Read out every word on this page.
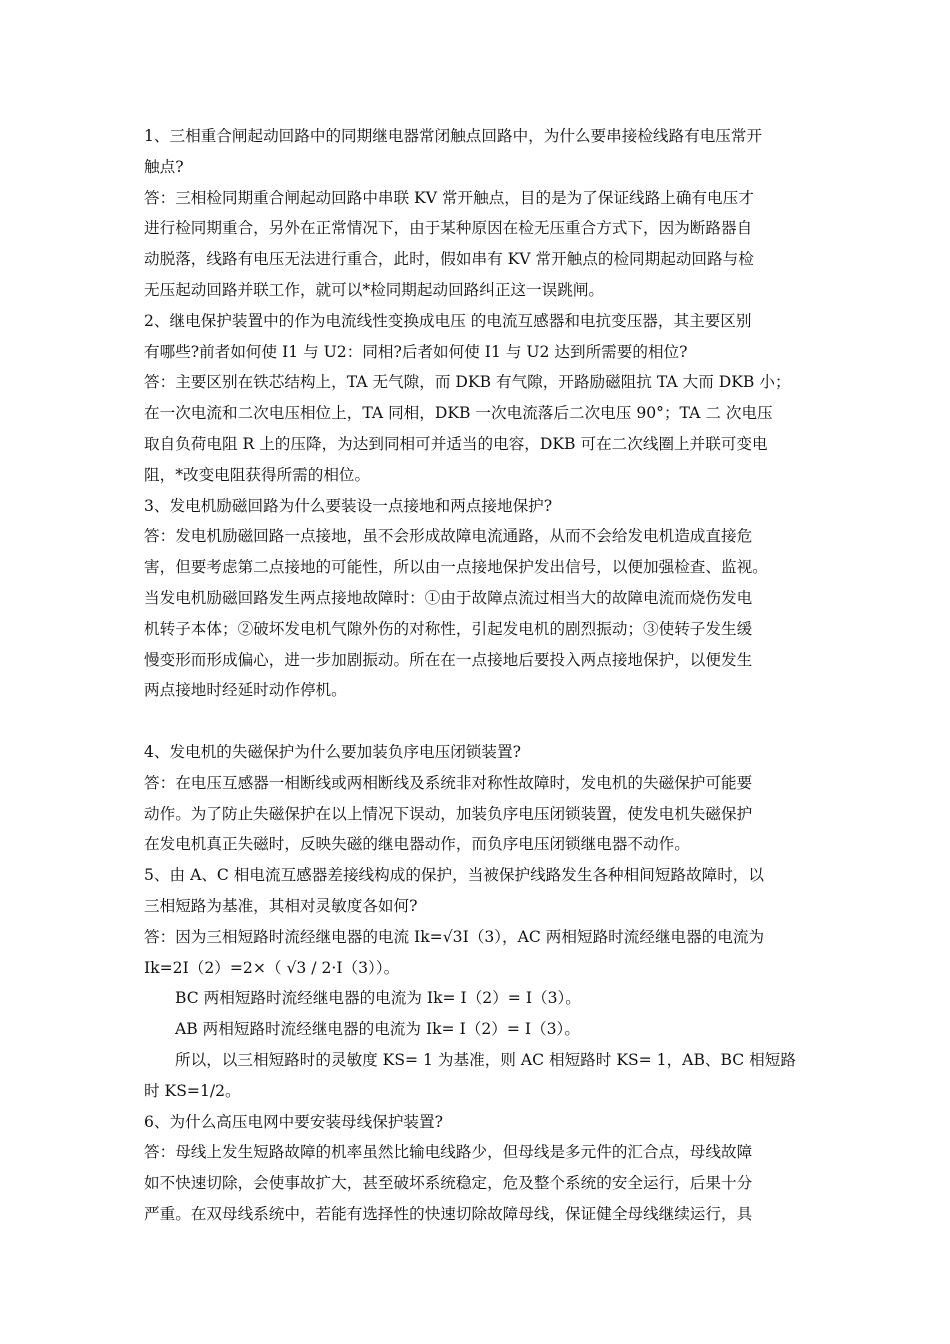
1、三相重合闸起动回路中的同期继电器常闭触点回路中，为什么要串接检线路有电压常开
触点?
答：三相检同期重合闸起动回路中串联 KV 常开触点，目的是为了保证线路上确有电压才
进行检同期重合，另外在正常情况下，由于某种原因在检无压重合方式下，因为断路器自
动脱落，线路有电压无法进行重合，此时，假如串有 KV 常开触点的检同期起动回路与检
无压起动回路并联工作，就可以*检同期起动回路纠正这一误跳闸。
2、继电保护装置中的作为电流线性变换成电压 的电流互感器和电抗变压器，其主要区别
有哪些?前者如何使 I1 与 U2：同相?后者如何使 I1 与 U2 达到所需要的相位?
答：主要区别在铁芯结构上，TA 无气隙，而 DKB 有气隙，开路励磁阻抗 TA 大而 DKB 小；
在一次电流和二次电压相位上，TA 同相，DKB 一次电流落后二次电压 90°；TA 二 次电压
取自负荷电阻 R 上的压降，为达到同相可并适当的电容，DKB 可在二次线圈上并联可变电
阻，*改变电阻获得所需的相位。
3、发电机励磁回路为什么要装设一点接地和两点接地保护?
答：发电机励磁回路一点接地，虽不会形成故障电流通路，从而不会给发电机造成直接危
害，但要考虑第二点接地的可能性，所以由一点接地保护发出信号，以便加强检查、监视。
当发电机励磁回路发生两点接地故障时：①由于故障点流过相当大的故障电流而烧伤发电
机转子本体；②破坏发电机气隙外伤的对称性，引起发电机的剧烈振动；③使转子发生缓
慢变形而形成偏心，进一步加剧振动。所在在一点接地后要投入两点接地保护，以便发生
两点接地时经延时动作停机。
4、发电机的失磁保护为什么要加装负序电压闭锁装置?
答：在电压互感器一相断线或两相断线及系统非对称性故障时，发电机的失磁保护可能要
动作。为了防止失磁保护在以上情况下误动，加装负序电压闭锁装置，使发电机失磁保护
在发电机真正失磁时，反映失磁的继电器动作，而负序电压闭锁继电器不动作。
5、由 A、C 相电流互感器差接线构成的保护，当被保护线路发生各种相间短路故障时，以
三相短路为基准，其相对灵敏度各如何?
答：因为三相短路时流经继电器的电流 Ik=√3I（3），AC 两相短路时流经继电器的电流为
Ik=2I（2）=2×（ √3 / 2·I（3））。
BC 两相短路时流经继电器的电流为 Ik= I（2）= I（3）。
AB 两相短路时流经继电器的电流为 Ik= I（2）= I（3）。
所以，以三相短路时的灵敏度 KS= 1 为基准，则 AC 相短路时 KS= 1，AB、BC 相短路
时 KS=1/2。
6、为什么高压电网中要安装母线保护装置?
答：母线上发生短路故障的机率虽然比输电线路少，但母线是多元件的汇合点，母线故障
如不快速切除，会使事故扩大，甚至破坏系统稳定，危及整个系统的安全运行，后果十分
严重。在双母线系统中，若能有选择性的快速切除故障母线，保证健全母线继续运行，具
